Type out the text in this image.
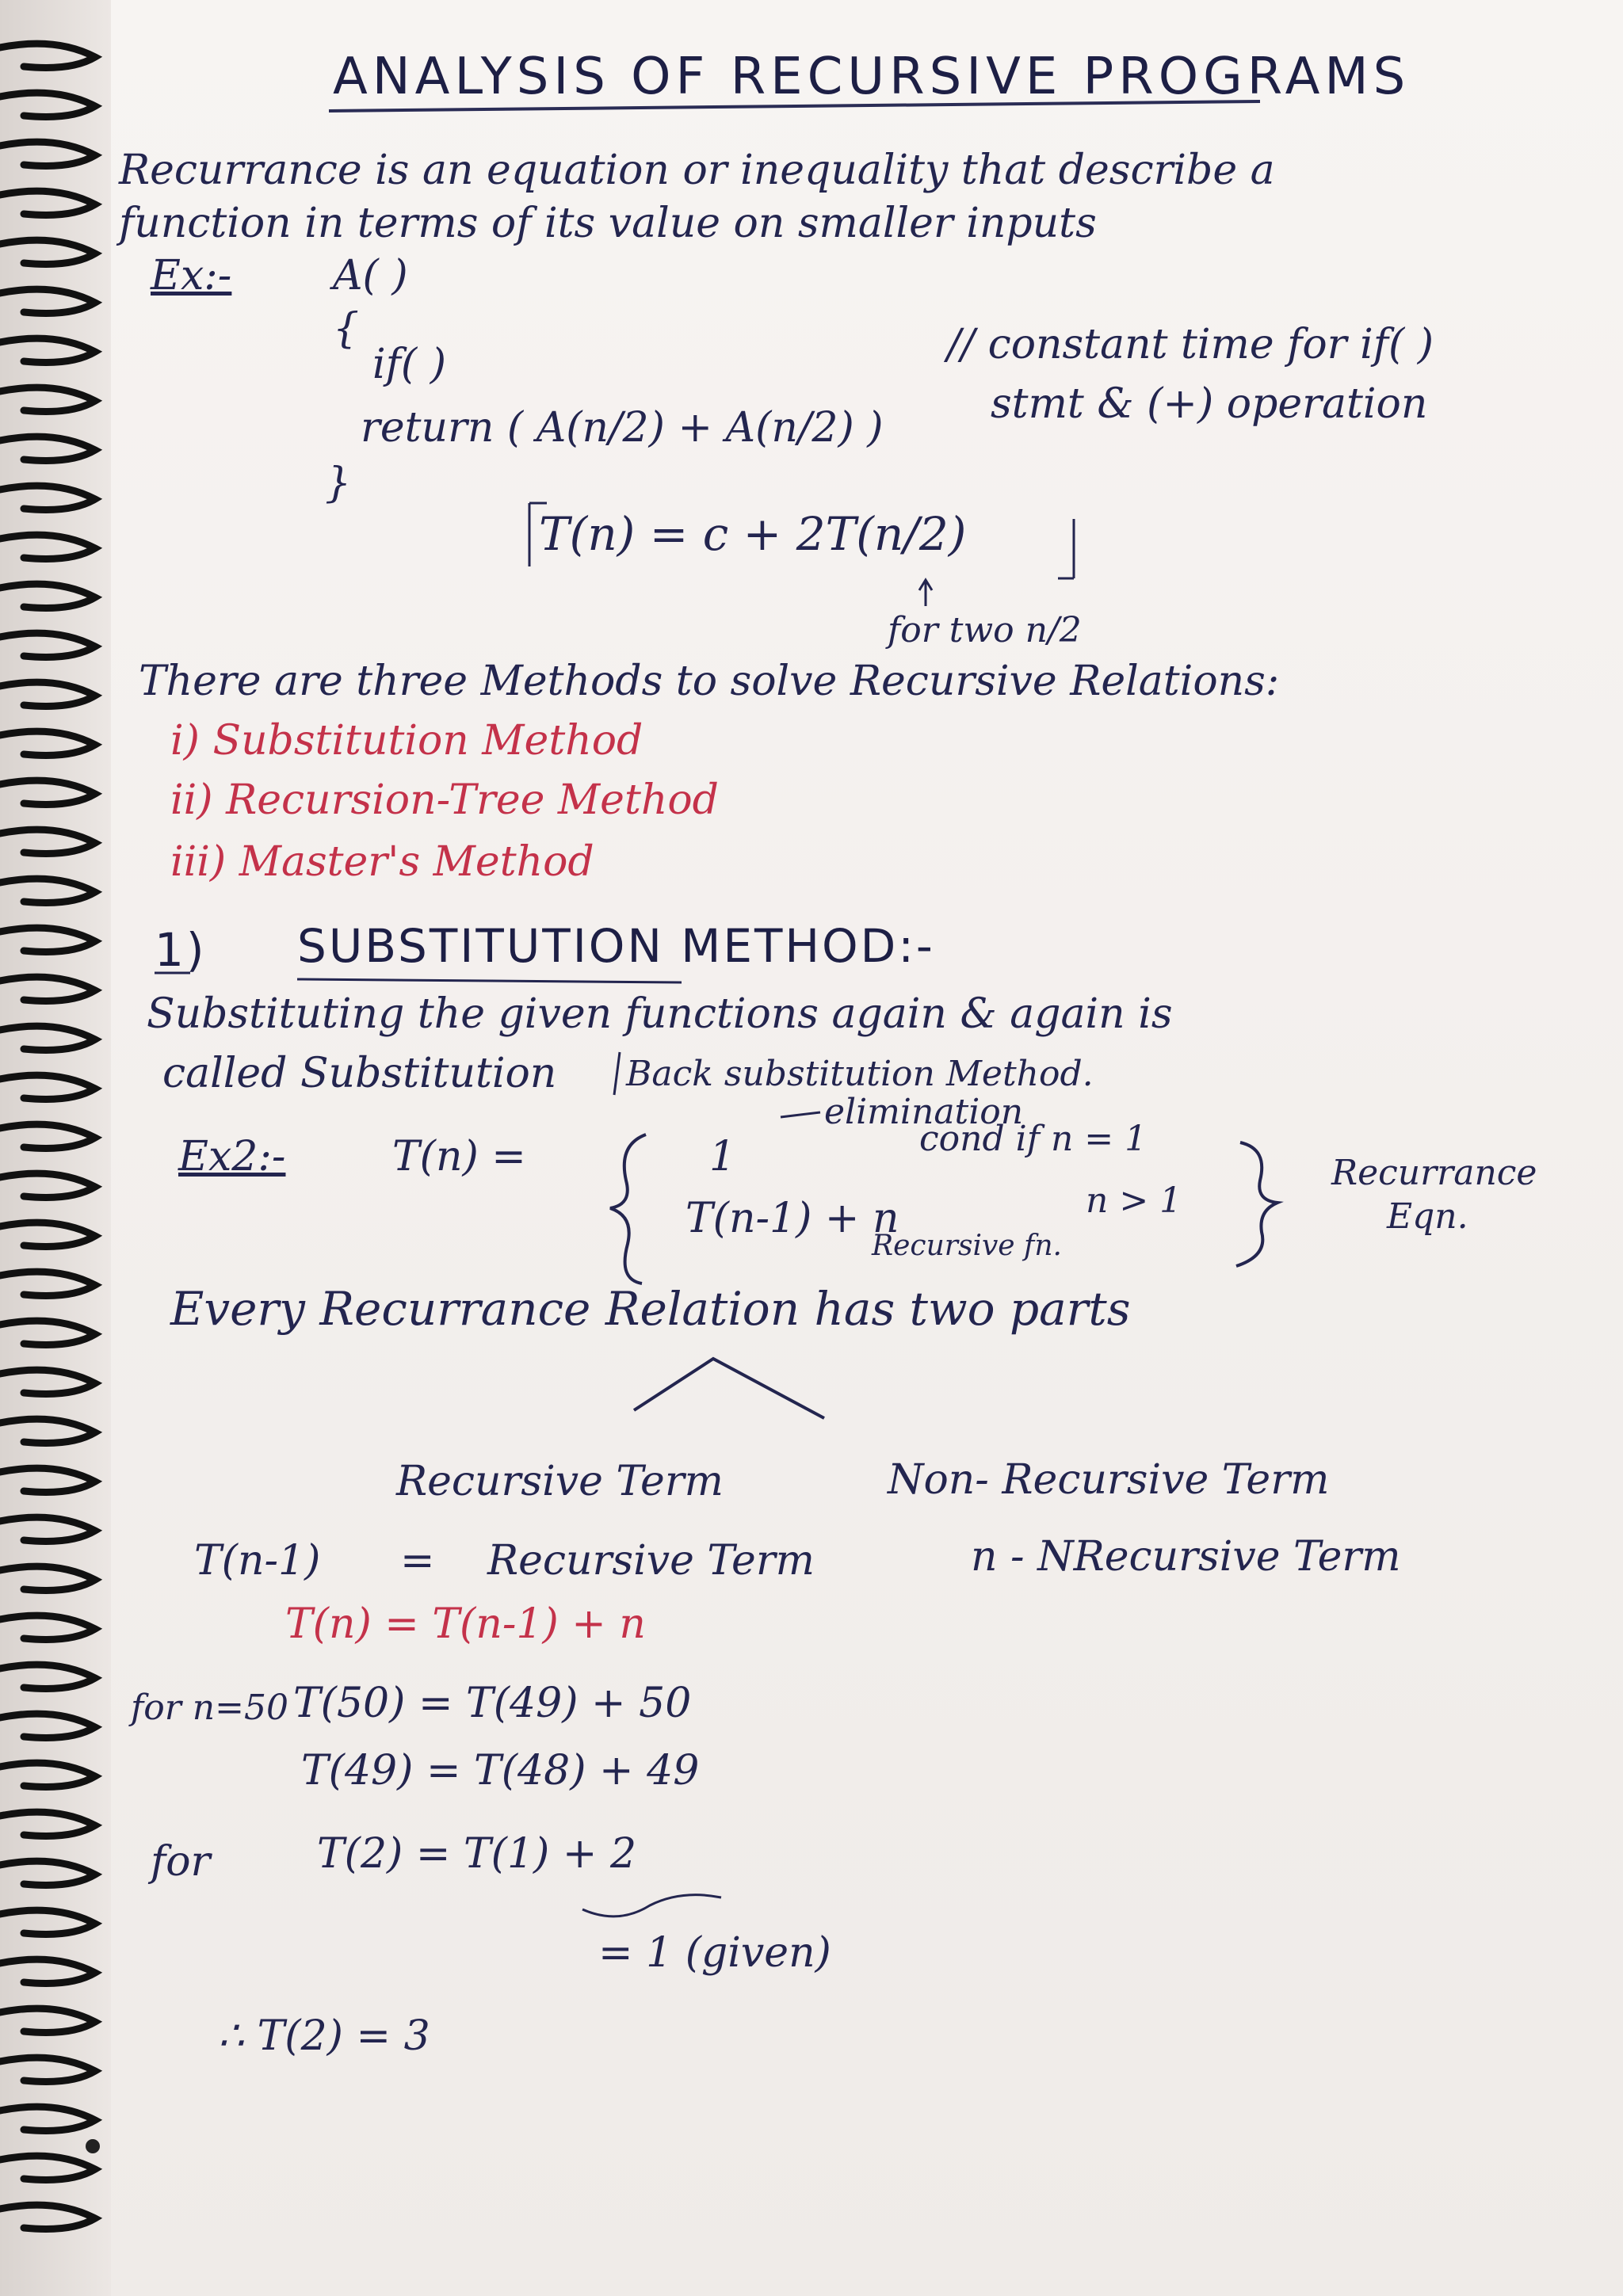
ANALYSIS OF RECURSIVE PROGRAMS
Recurrance is an equation or inequality that describe a
function in terms of its value on smaller inputs
Ex:- A( )
{
if( )
return ( A(n/2) + A(n/2) )
}
// constant time for if( )
stmt & (+) operation
T(n) = c + 2T(n/2)
for two n/2
There are three Methods to solve Recursive Relations:
i) Substitution Method
ii) Recursion-Tree Method
iii) Master's Method
1) SUBSTITUTION METHOD:-
Substituting the given functions again & again is
called Substitution Back substitution Method.
elimination
Ex2:-	T(n) =	1	cond if n = 1
T(n-1) + n	n > 1
Recursive fn.
Recurrance
Eqn.
Every Recurrance Relation has two parts
Recursive Term	Non- Recursive Term
T(n-1) = Recursive Term	n - NRecursive Term
T(n) = T(n-1) + n
for n=50 T(50) = T(49) + 50
T(49) = T(48) + 49
for	T(2) = T(1) + 2
= 1 (given)
∴ T(2) = 3
